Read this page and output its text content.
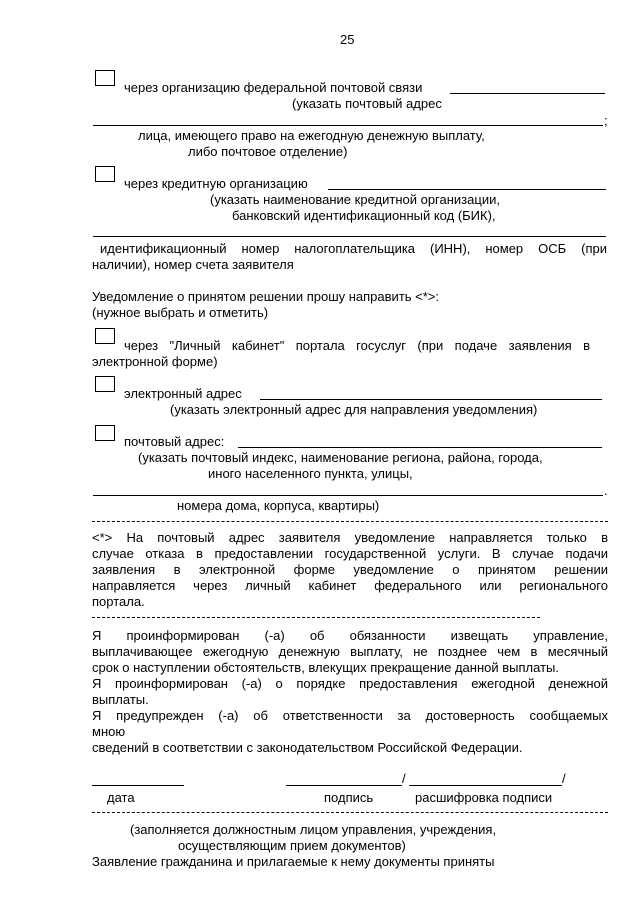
25
через организацию федеральной почтовой связи
(указать почтовый адрес
;
лица, имеющего право на ежегодную денежную выплату,
либо почтовое отделение)
через кредитную организацию
(указать наименование кредитной организации,
банковский идентификационный код (БИК),
идентификационный номер налогоплательщика (ИНН), номер ОСБ (при
наличии), номер счета заявителя
Уведомление о принятом решении прошу направить <*>:
(нужное выбрать и отметить)
через "Личный кабинет" портала госуслуг (при подаче заявления в
электронной форме)
электронный адрес
(указать электронный адрес для направления уведомления)
почтовый адрес:
(указать почтовый индекс, наименование региона, района, города,
иного населенного пункта, улицы,
.
номера дома, корпуса, квартиры)
<*> На почтовый адрес заявителя уведомление направляется только в
случае отказа в предоставлении государственной услуги. В случае подачи
заявления в электронной форме уведомление о принятом решении
направляется через личный кабинет федерального или регионального
портала.
Я проинформирован (-а) об обязанности извещать управление,
выплачивающее ежегодную денежную выплату, не позднее чем в месячный
срок о наступлении обстоятельств, влекущих прекращение данной выплаты.
Я проинформирован (-а) о порядке предоставления ежегодной денежной
выплаты.
Я предупрежден (-а) об ответственности за достоверность сообщаемых
мною
сведений в соответствии с законодательством Российской Федерации.
/	/
дата	подпись	расшифровка подписи
(заполняется должностным лицом управления, учреждения,
осуществляющим прием документов)
Заявление гражданина и прилагаемые к нему документы приняты
